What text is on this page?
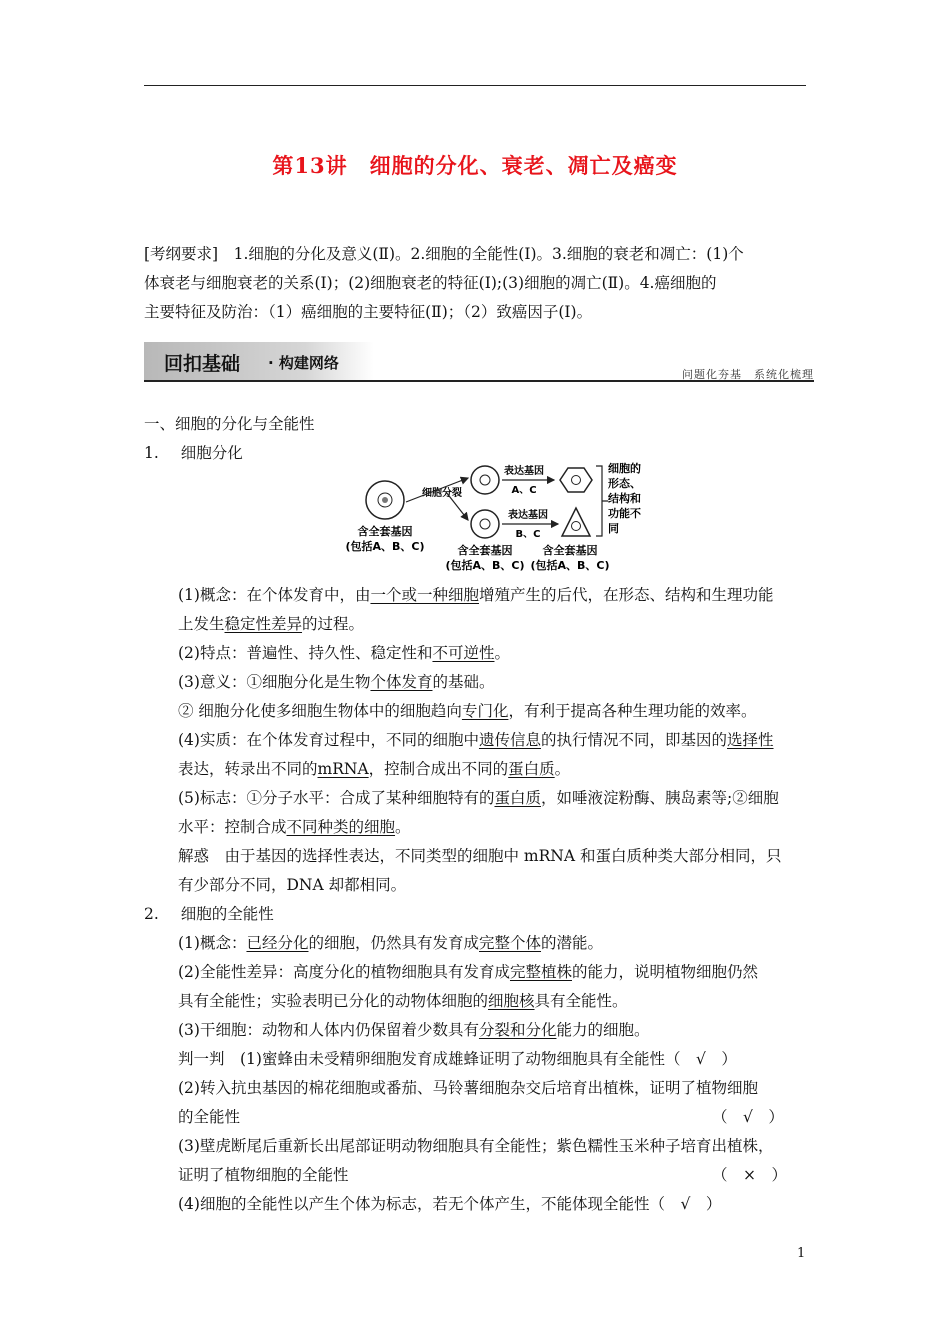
第13讲 细胞的分化、衰老、凋亡及癌变
[考纲要求]　1.细胞的分化及意义(Ⅱ)。2.细胞的全能性(Ⅰ)。3.细胞的衰老和凋亡：(1)个
体衰老与细胞衰老的关系(Ⅰ)；(2)细胞衰老的特征(Ⅰ);(3)细胞的凋亡(Ⅱ)。4.癌细胞的
主要特征及防治：（1）癌细胞的主要特征(Ⅱ)；（2）致癌因子(Ⅰ)。
回扣基础 · 构建网络
问题化夯基　系统化梳理
一、细胞的分化与全能性
1. 细胞分化
含全套基因
(包括A、B、C)
细胞分裂
表达基因
A、C
表达基因
B、C
含全套基因
(包括A、B、C)
含全套基因
(包括A、B、C)
细胞的
形态、
结构和
功能不
同
(1)概念：在个体发育中，由一个或一种细胞增殖产生的后代，在形态、结构和生理功能
上发生稳定性差异的过程。
(2)特点：普遍性、持久性、稳定性和不可逆性。
(3)意义：①细胞分化是生物个体发育的基础。
② 细胞分化使多细胞生物体中的细胞趋向专门化，有利于提高各种生理功能的效率。
(4)实质：在个体发育过程中，不同的细胞中遗传信息的执行情况不同，即基因的选择性
表达，转录出不同的mRNA，控制合成出不同的蛋白质。
(5)标志：①分子水平：合成了某种细胞特有的蛋白质，如唾液淀粉酶、胰岛素等;②细胞
水平：控制合成不同种类的细胞。
解惑　由于基因的选择性表达，不同类型的细胞中 mRNA 和蛋白质种类大部分相同，只
有少部分不同，DNA 却都相同。
2. 细胞的全能性
(1)概念：已经分化的细胞，仍然具有发育成完整个体的潜能。
(2)全能性差异：高度分化的植物细胞具有发育成完整植株的能力，说明植物细胞仍然
具有全能性；实验表明已分化的动物体细胞的细胞核具有全能性。
(3)干细胞：动物和人体内仍保留着少数具有分裂和分化能力的细胞。
判一判　(1)蜜蜂由未受精卵细胞发育成雄蜂证明了动物细胞具有全能性（　√　）
(2)转入抗虫基因的棉花细胞或番茄、马铃薯细胞杂交后培育出植株，证明了植物细胞
的全能性	（　√　）
(3)壁虎断尾后重新长出尾部证明动物细胞具有全能性；紫色糯性玉米种子培育出植株，
证明了植物细胞的全能性	（　×　）
(4)细胞的全能性以产生个体为标志，若无个体产生，不能体现全能性（　√　）
1
